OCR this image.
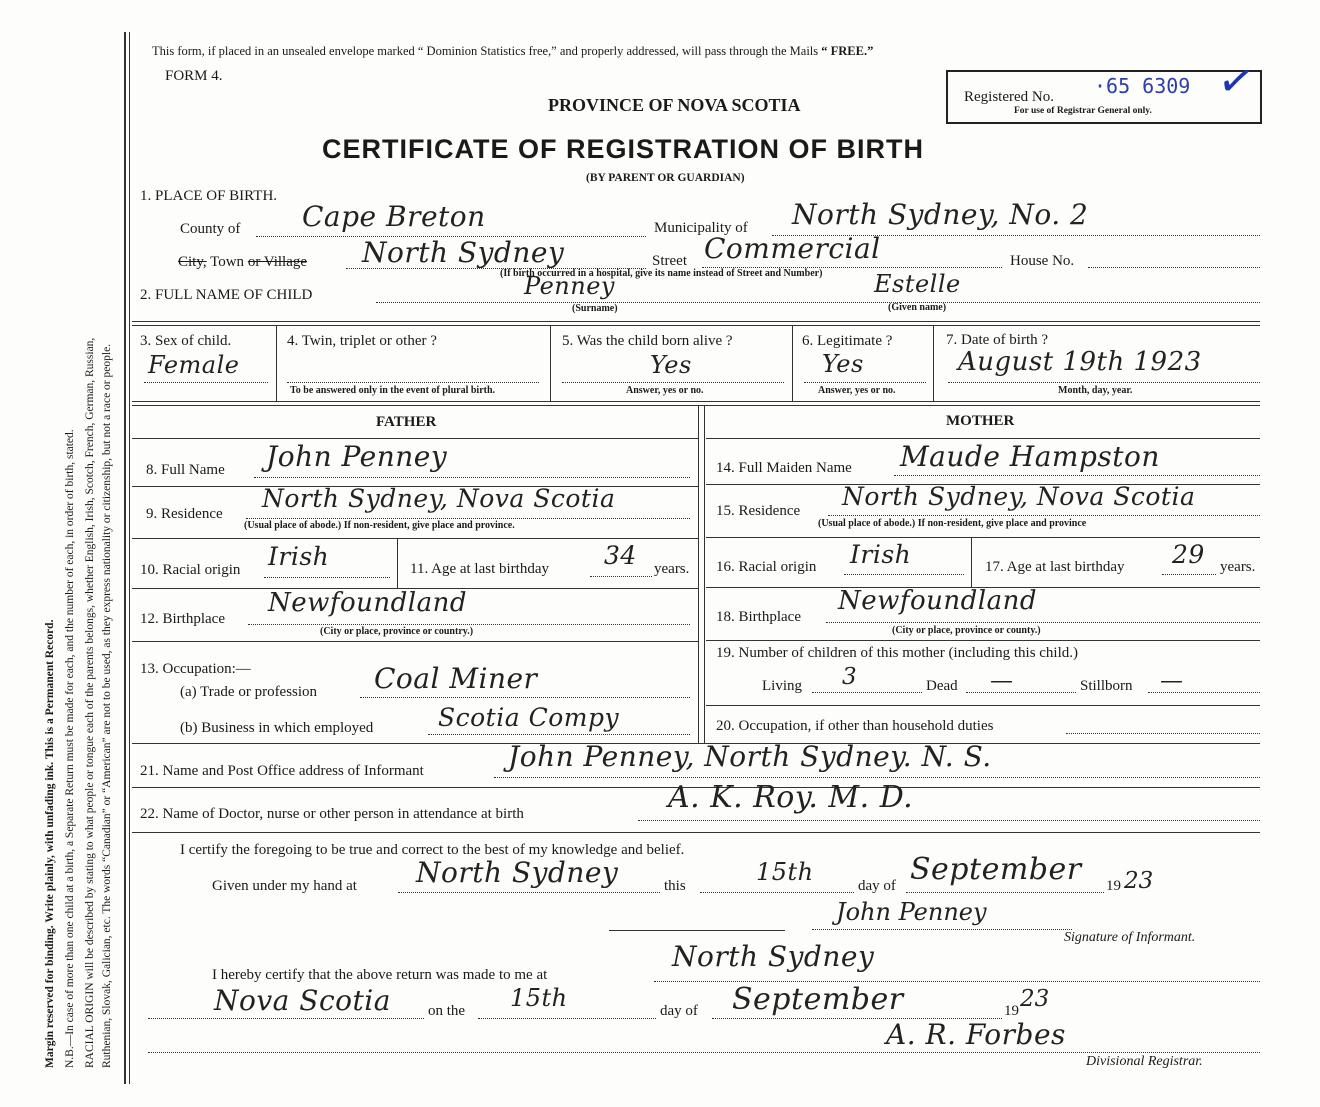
Margin reserved for binding. Write plainly, with unfading ink. This is a Permanent Record. N.B.—In case of more than one child at a birth, a Separate Return must be made for each, and the number of each, in order of birth, stated. RACIAL ORIGIN will be described by stating to what people or tongue each of the parents belongs, whether English, Irish, Scotch, French, German, Russian, Ruthenian, Slovak, Galician, etc. The words “Canadian” or “American” are not to be used, as they express nationality or citizenship, but not a race or people.
This form, if placed in an unsealed envelope marked “ Dominion Statistics free,” and properly addressed, will pass through the Mails “ FREE.”
FORM 4.
PROVINCE OF NOVA SCOTIA	Registered No. ·65 6309 ✓
For use of Registrar General only.
CERTIFICATE OF REGISTRATION OF BIRTH
(BY PARENT OR GUARDIAN)
1. PLACE OF BIRTH.
County of Cape Breton	Municipality of North Sydney, No. 2
City, Town or Village North Sydney	Street Commercial	House No.
(If birth occurred in a hospital, give its name instead of Street and Number)
2. FULL NAME OF CHILD	Penney
(Surname)
Estelle
(Given name)
3. Sex of child.
Female
4. Twin, triplet or other ?
To be answered only in the event of plural birth.
5. Was the child born alive ?
Yes
Answer, yes or no.
6. Legitimate ?
Yes
Answer, yes or no.
7. Date of birth ?
August 19th 1923
Month, day, year.
FATHER	MOTHER
8. Full Name John Penney
9. Residence
North Sydney, Nova Scotia
(Usual place of abode.) If non-resident, give place and province.
10. Racial origin Irish	11. Age at last birthday 34 years.
12. Birthplace
Newfoundland
(City or place, province or country.)
13. Occupation:—
(a) Trade or profession Coal Miner
(b) Business in which employed	Scotia Compy
14. Full Maiden Name Maude Hampston
15. Residence North Sydney, Nova Scotia
(Usual place of abode.) If non-resident, give place and province
16. Racial origin Irish	17. Age at last birthday 29 years.
18. Birthplace
Newfoundland
(City or place, province or county.)
19. Number of children of this mother (including this child.)
Living 3	Dead —	Stillborn —
20. Occupation, if other than household duties
21. Name and Post Office address of Informant	John Penney, North Sydney. N. S.
22. Name of Doctor, nurse or other person in attendance at birth	A. K. Roy. M. D.
I certify the foregoing to be true and correct to the best of my knowledge and belief.
Given under my hand at North Sydney	this	15th	day of September 19 23
John Penney
Signature of Informant.
I hereby certify that the above return was made to me at
North Sydney
Nova Scotia on the 15th	day of September	19 23
A. R. Forbes
Divisional Registrar.
